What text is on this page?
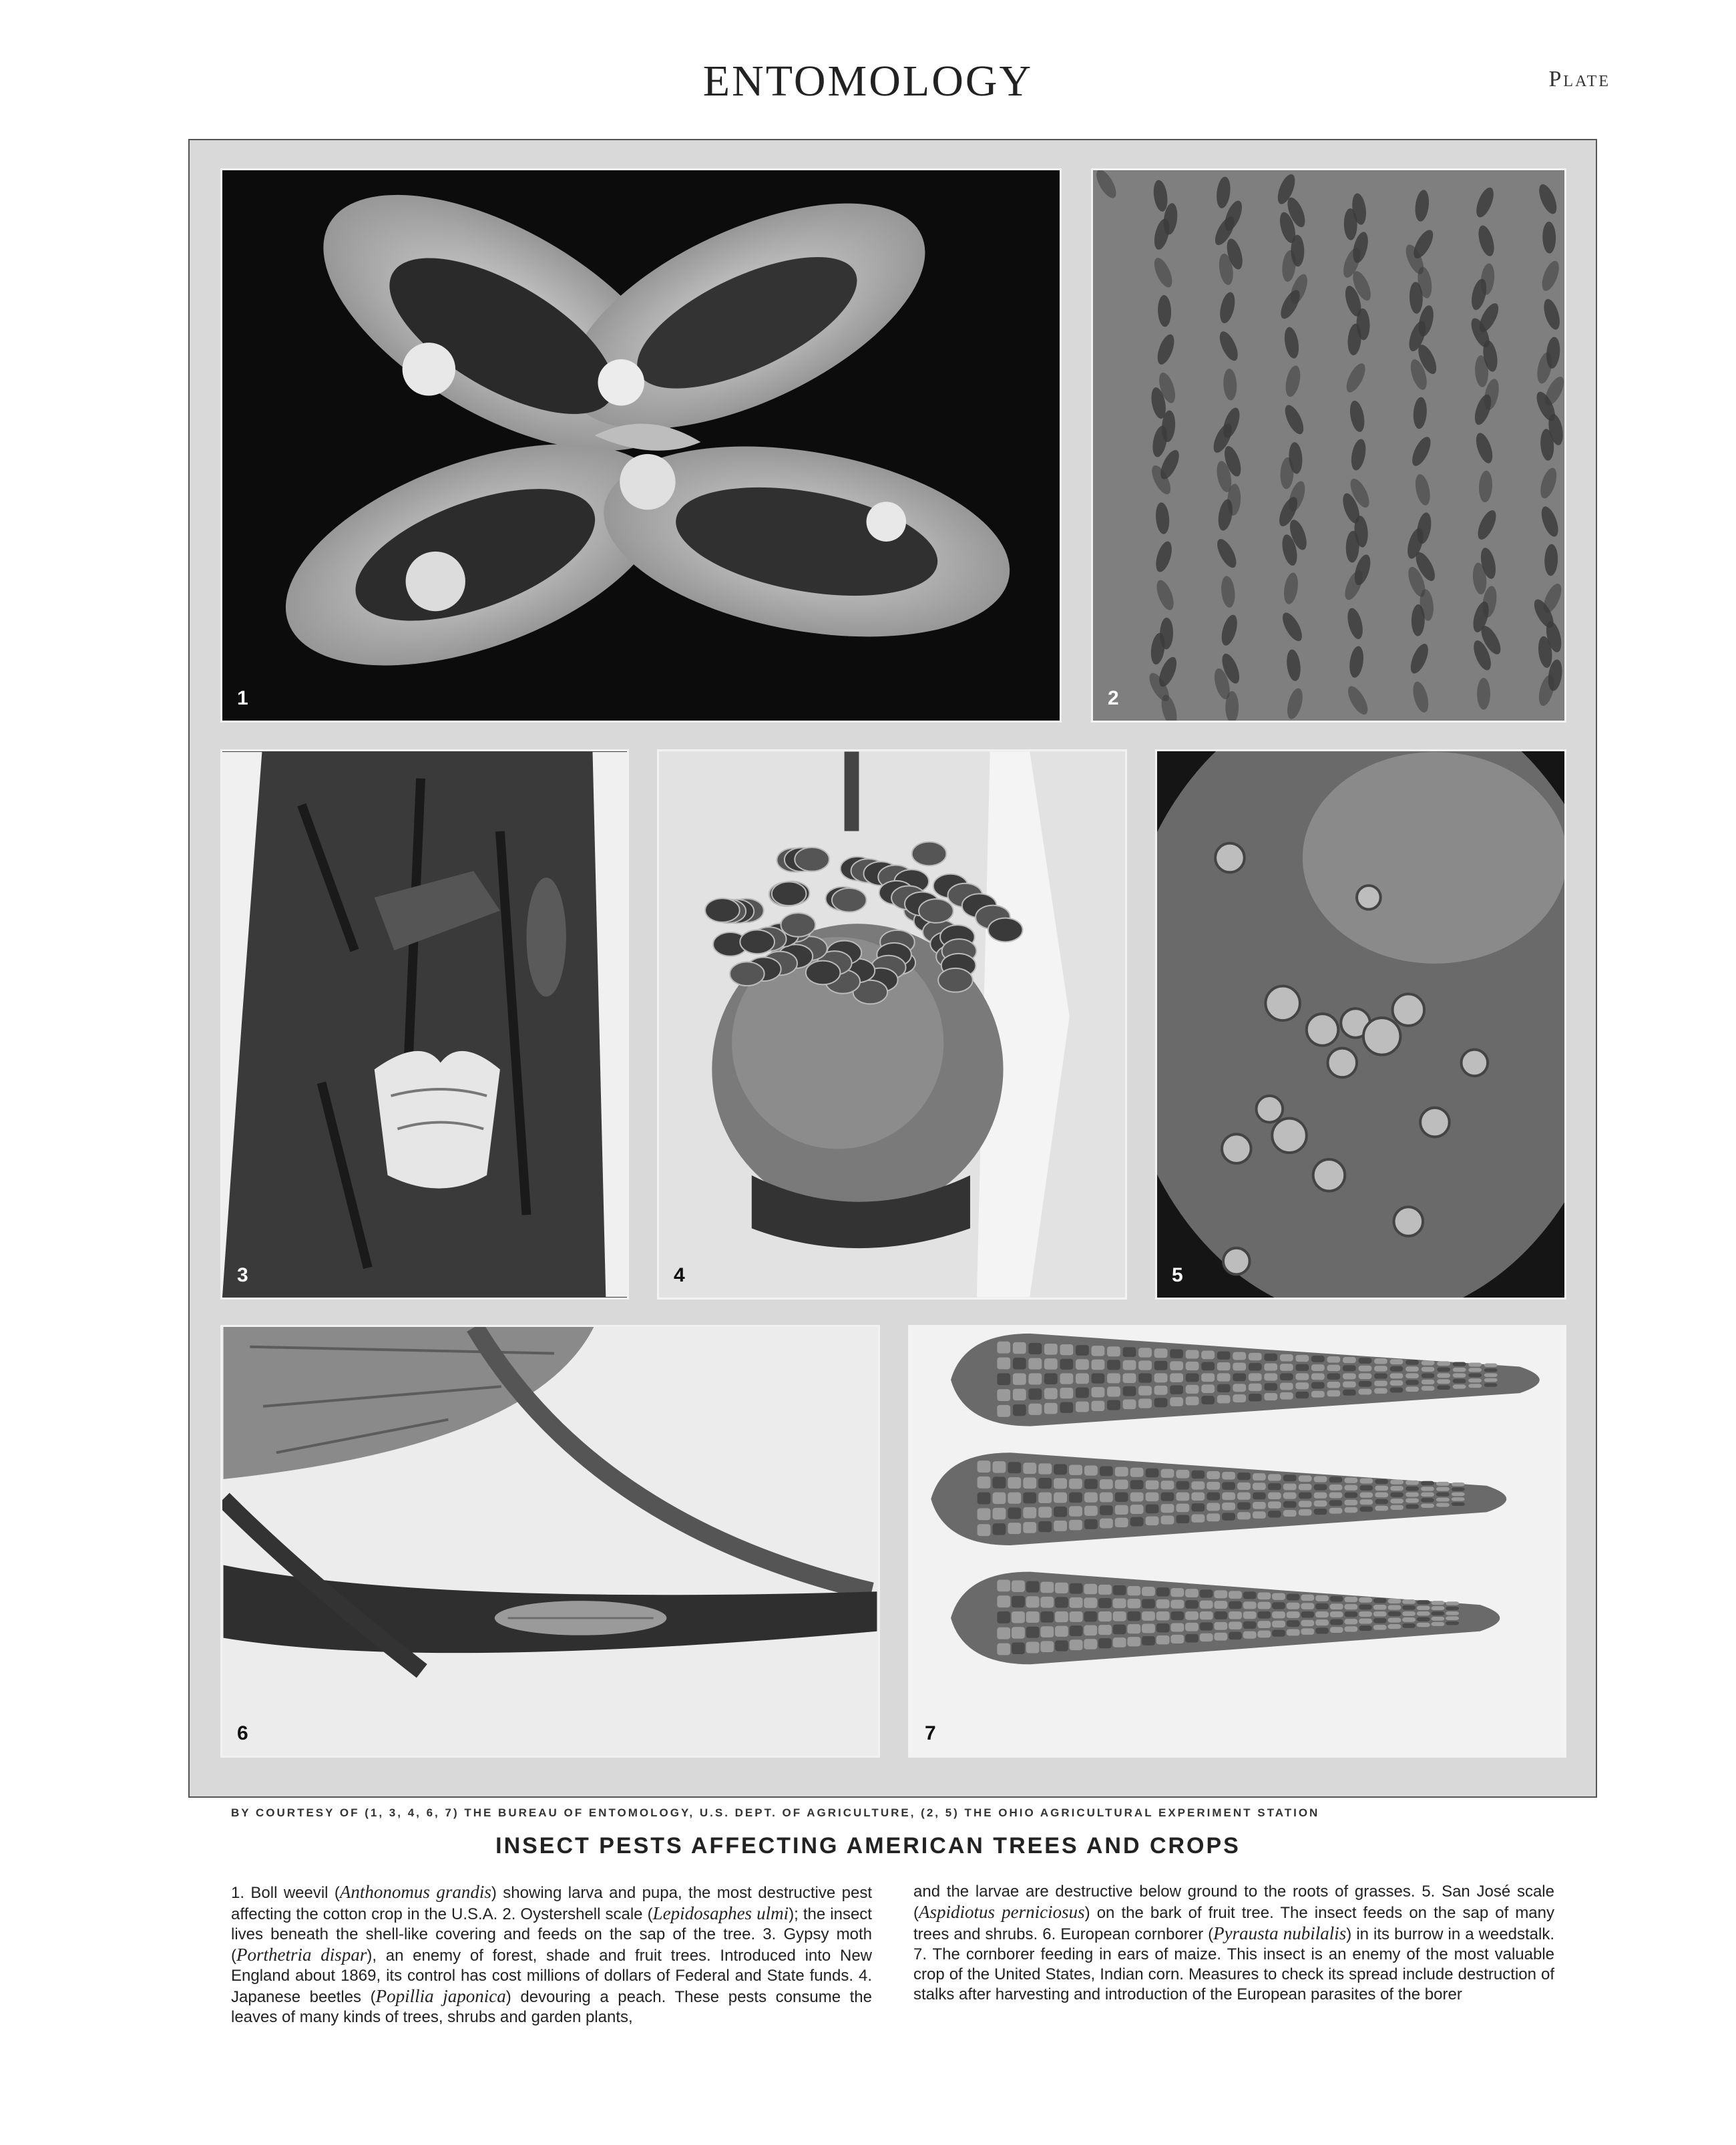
ENTOMOLOGY	Plate
1	2
3	4	5
6	7
BY COURTESY OF (1, 3, 4, 6, 7) THE BUREAU OF ENTOMOLOGY, U.S. DEPT. OF AGRICULTURE, (2, 5) THE OHIO AGRICULTURAL EXPERIMENT STATION
INSECT PESTS AFFECTING AMERICAN TREES AND CROPS
1. Boll weevil (Anthonomus grandis) showing larva and pupa, the most destructive pest affecting the cotton crop in the U.S.A. 2. Oystershell scale (Lepidosaphes ulmi); the insect lives beneath the shell-like covering and feeds on the sap of the tree. 3. Gypsy moth (Porthetria dispar), an enemy of forest, shade and fruit trees. Introduced into New England about 1869, its control has cost millions of dollars of Federal and State funds. 4. Japanese beetles (Popillia japonica) devouring a peach. These pests consume the leaves of many kinds of trees, shrubs and garden plants,
and the larvae are destructive below ground to the roots of grasses. 5. San José scale (Aspidiotus perniciosus) on the bark of fruit tree. The insect feeds on the sap of many trees and shrubs. 6. European cornborer (Pyrausta nubilalis) in its burrow in a weedstalk. 7. The cornborer feeding in ears of maize. This insect is an enemy of the most valuable crop of the United States, Indian corn. Measures to check its spread include destruction of stalks after harvesting and introduction of the European parasites of the borer
